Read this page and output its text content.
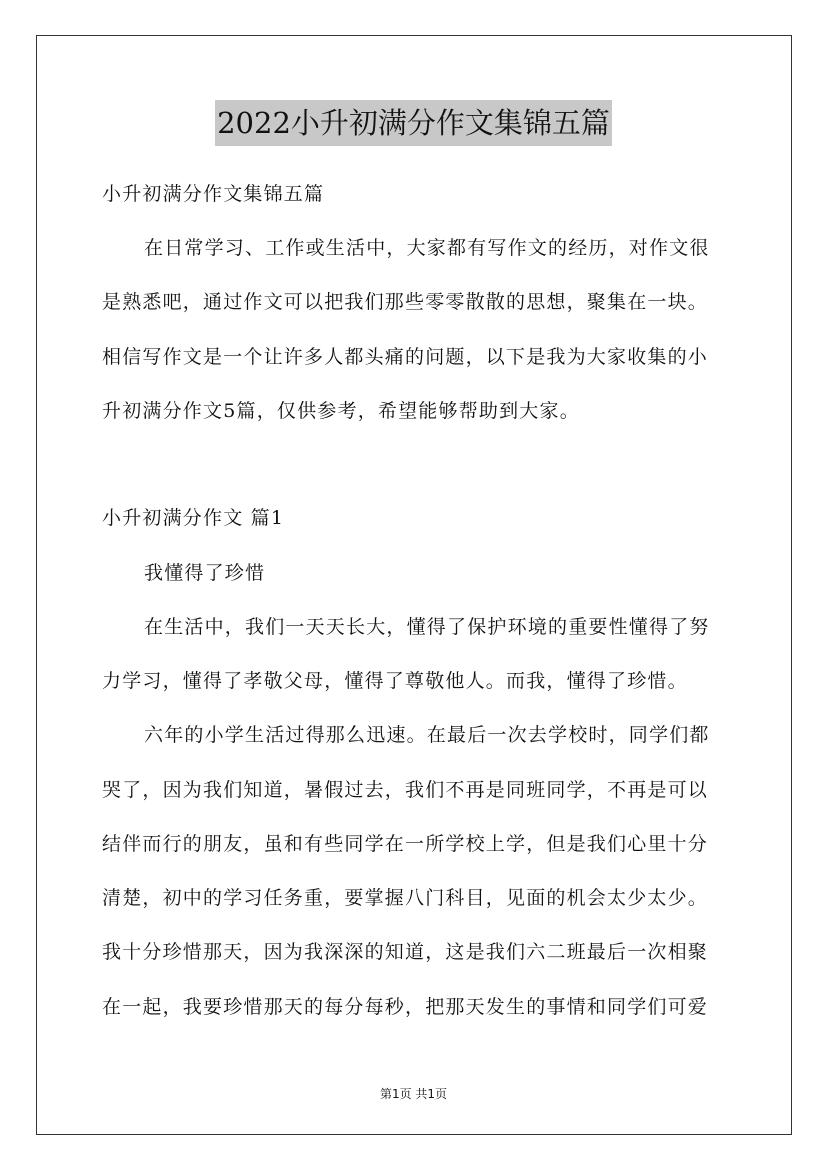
2022小升初满分作文集锦五篇
小升初满分作文集锦五篇
在日常学习、工作或生活中，大家都有写作文的经历，对作文很
是熟悉吧，通过作文可以把我们那些零零散散的思想，聚集在一块。
相信写作文是一个让许多人都头痛的问题，以下是我为大家收集的小
升初满分作文5篇，仅供参考，希望能够帮助到大家。
小升初满分作文 篇1
我懂得了珍惜
在生活中，我们一天天长大，懂得了保护环境的重要性懂得了努
力学习，懂得了孝敬父母，懂得了尊敬他人。而我，懂得了珍惜。
六年的小学生活过得那么迅速。在最后一次去学校时，同学们都
哭了，因为我们知道，暑假过去，我们不再是同班同学，不再是可以
结伴而行的朋友，虽和有些同学在一所学校上学，但是我们心里十分
清楚，初中的学习任务重，要掌握八门科目，见面的机会太少太少。
我十分珍惜那天，因为我深深的知道，这是我们六二班最后一次相聚
在一起，我要珍惜那天的每分每秒，把那天发生的事情和同学们可爱
第1页 共1页
